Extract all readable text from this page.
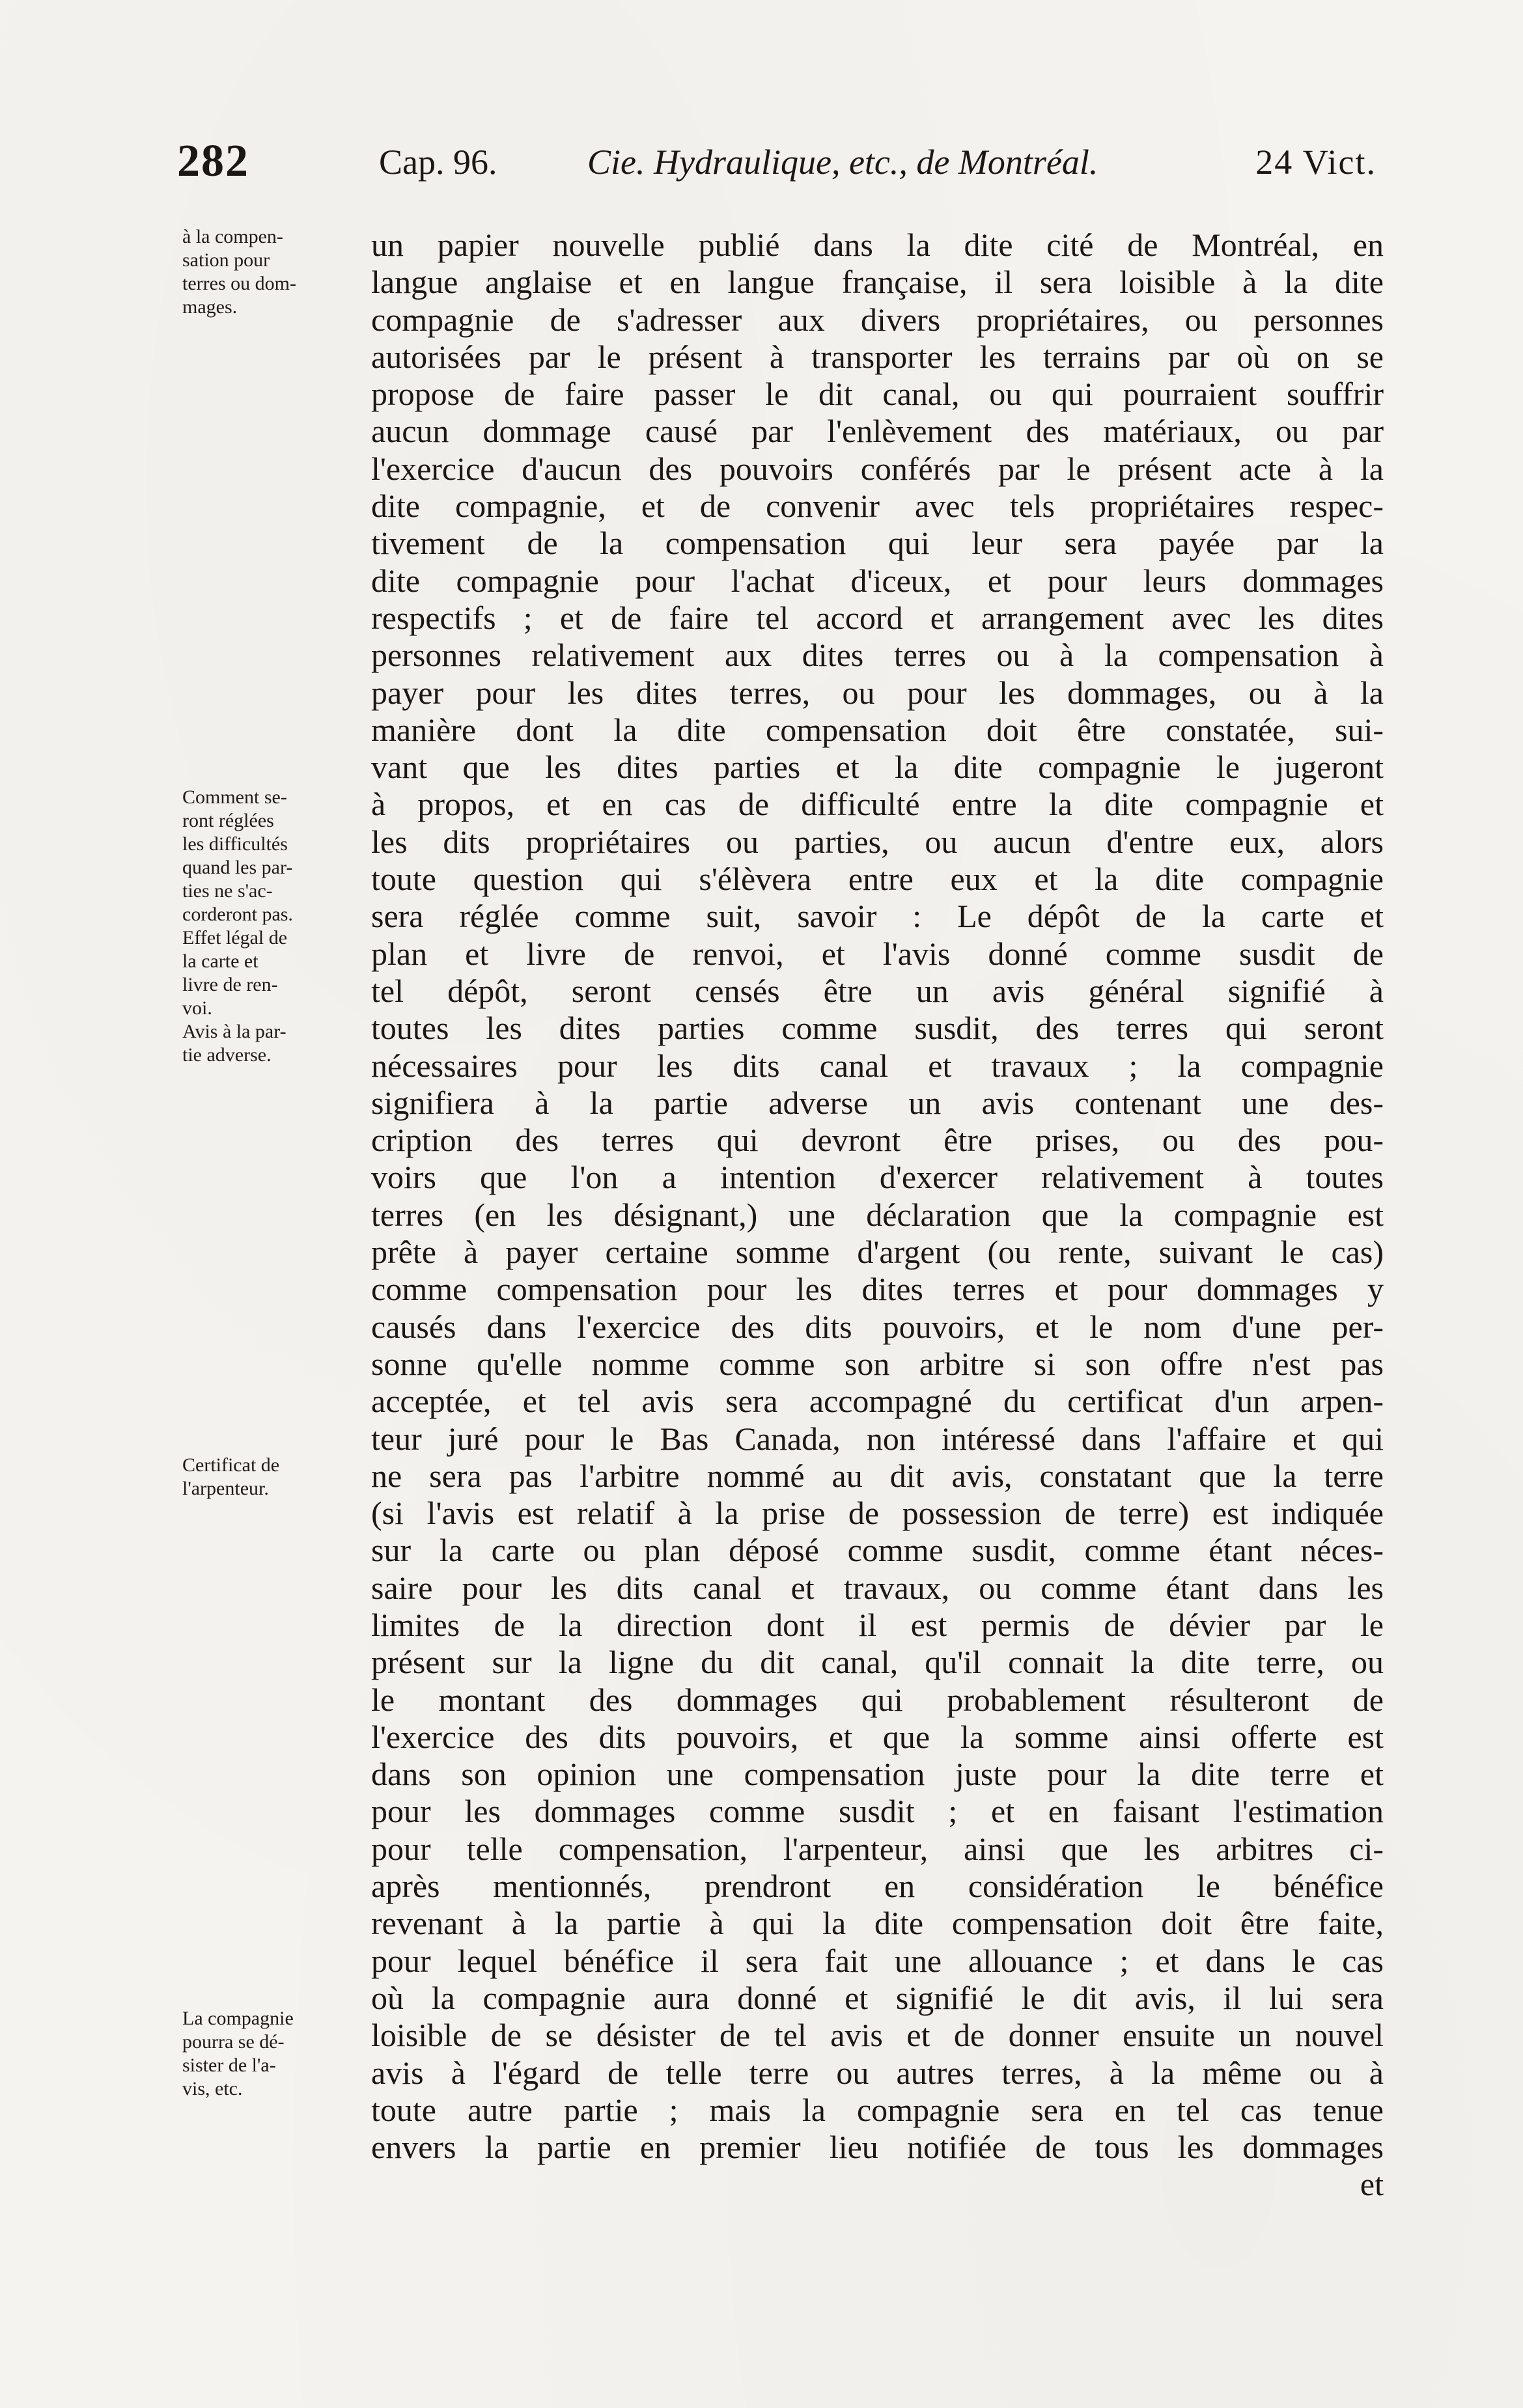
282	Cap. 96.	Cie. Hydraulique, etc., de Montréal.	24 Vict.
à la compen-
sation pour
terres ou dom-
mages.
Comment se-
ront réglées
les difficultés
quand les par-
ties ne s'ac-
corderont pas.
Effet légal de
la carte et
livre de ren-
voi.
Avis à la par-
tie adverse.
Certificat de
l'arpenteur.
La compagnie
pourra se dé-
sister de l'a-
vis, etc.
un papier nouvelle publié dans la dite cité de Montréal, en
langue anglaise et en langue française, il sera loisible à la dite
compagnie de s'adresser aux divers propriétaires, ou personnes
autorisées par le présent à transporter les terrains par où on se
propose de faire passer le dit canal, ou qui pourraient souffrir
aucun dommage causé par l'enlèvement des matériaux, ou par
l'exercice d'aucun des pouvoirs conférés par le présent acte à la
dite compagnie, et de convenir avec tels propriétaires respec-
tivement de la compensation qui leur sera payée par la
dite compagnie pour l'achat d'iceux, et pour leurs dommages
respectifs ; et de faire tel accord et arrangement avec les dites
personnes relativement aux dites terres ou à la compensation à
payer pour les dites terres, ou pour les dommages, ou à la
manière dont la dite compensation doit être constatée, sui-
vant que les dites parties et la dite compagnie le jugeront
à propos, et en cas de difficulté entre la dite compagnie et
les dits propriétaires ou parties, ou aucun d'entre eux, alors
toute question qui s'élèvera entre eux et la dite compagnie
sera réglée comme suit, savoir : Le dépôt de la carte et
plan et livre de renvoi, et l'avis donné comme susdit de
tel dépôt, seront censés être un avis général signifié à
toutes les dites parties comme susdit, des terres qui seront
nécessaires pour les dits canal et travaux ; la compagnie
signifiera à la partie adverse un avis contenant une des-
cription des terres qui devront être prises, ou des pou-
voirs que l'on a intention d'exercer relativement à toutes
terres (en les désignant,) une déclaration que la compagnie est
prête à payer certaine somme d'argent (ou rente, suivant le cas)
comme compensation pour les dites terres et pour dommages y
causés dans l'exercice des dits pouvoirs, et le nom d'une per-
sonne qu'elle nomme comme son arbitre si son offre n'est pas
acceptée, et tel avis sera accompagné du certificat d'un arpen-
teur juré pour le Bas Canada, non intéressé dans l'affaire et qui
ne sera pas l'arbitre nommé au dit avis, constatant que la terre
(si l'avis est relatif à la prise de possession de terre) est indiquée
sur la carte ou plan déposé comme susdit, comme étant néces-
saire pour les dits canal et travaux, ou comme étant dans les
limites de la direction dont il est permis de dévier par le
présent sur la ligne du dit canal, qu'il connait la dite terre, ou
le montant des dommages qui probablement résulteront de
l'exercice des dits pouvoirs, et que la somme ainsi offerte est
dans son opinion une compensation juste pour la dite terre et
pour les dommages comme susdit ; et en faisant l'estimation
pour telle compensation, l'arpenteur, ainsi que les arbitres ci-
après mentionnés, prendront en considération le bénéfice
revenant à la partie à qui la dite compensation doit être faite,
pour lequel bénéfice il sera fait une allouance ; et dans le cas
où la compagnie aura donné et signifié le dit avis, il lui sera
loisible de se désister de tel avis et de donner ensuite un nouvel
avis à l'égard de telle terre ou autres terres, à la même ou à
toute autre partie ; mais la compagnie sera en tel cas tenue
envers la partie en premier lieu notifiée de tous les dommages
et
